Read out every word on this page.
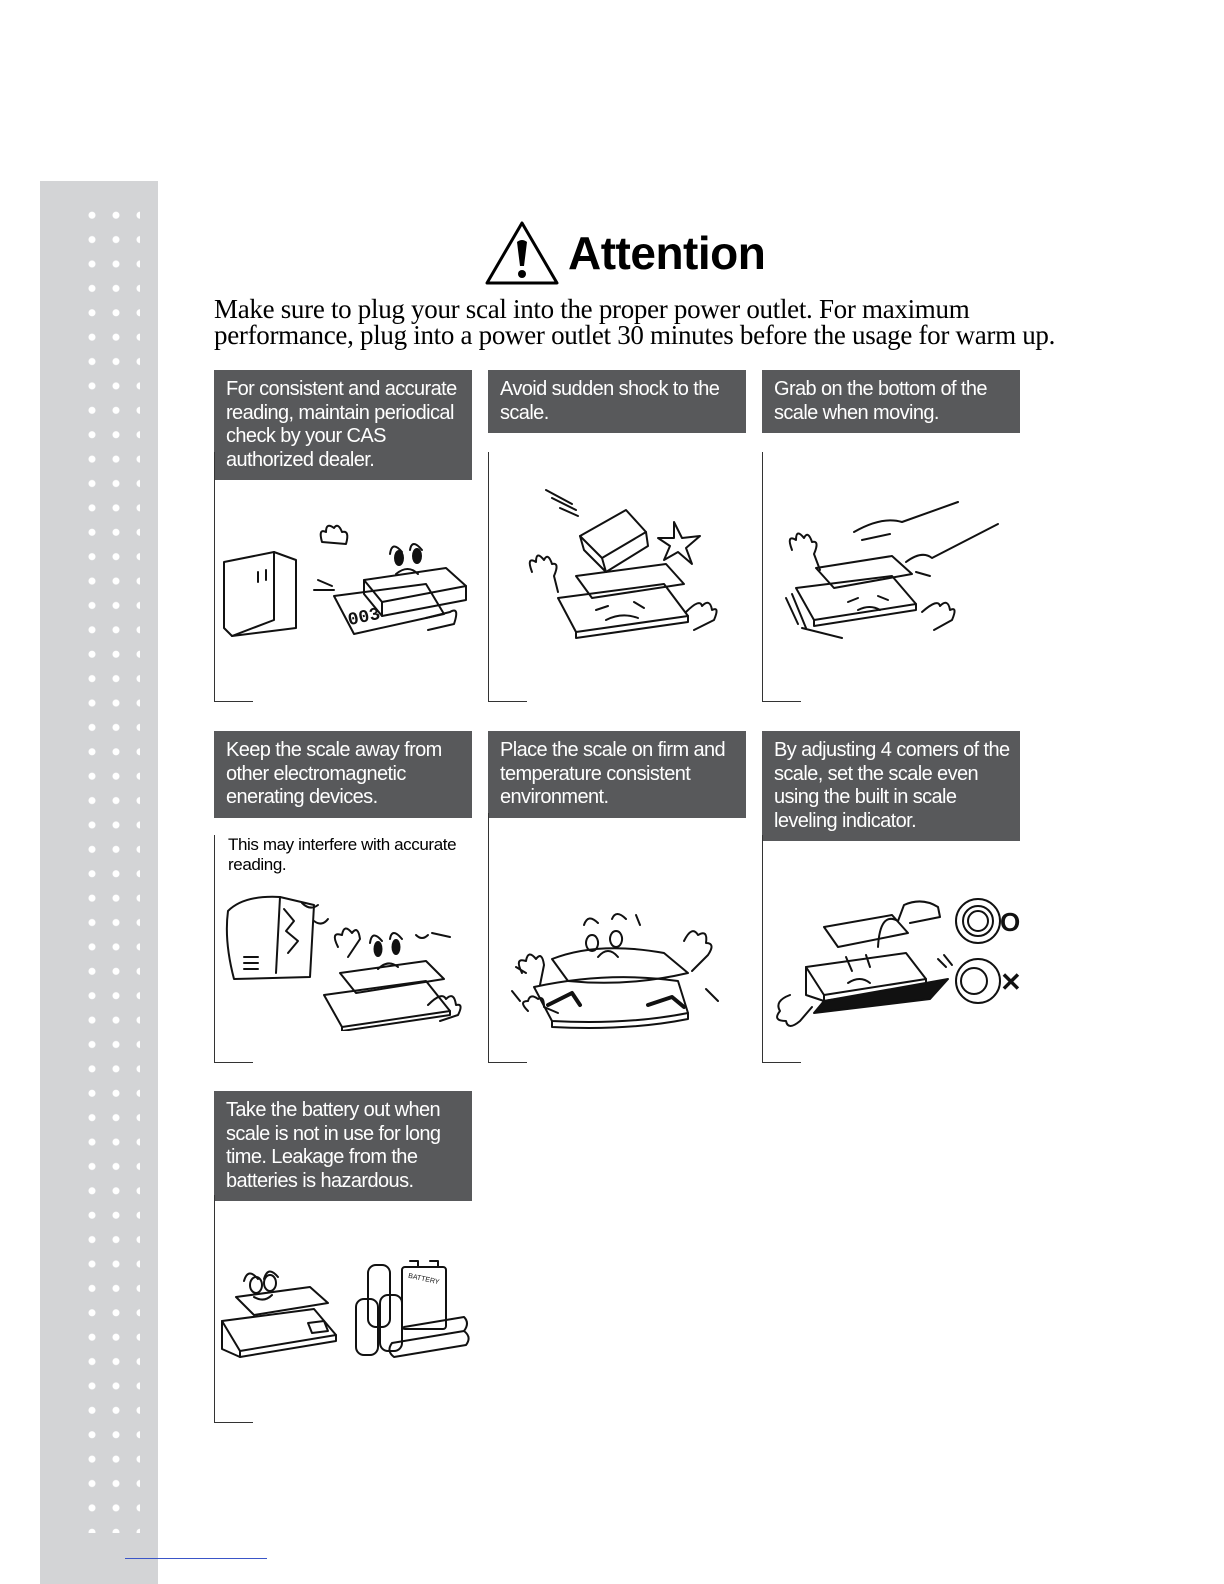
Attention
Make sure to plug your scal into the proper power outlet. For maximum performance, plug into a power outlet 30 minutes before the usage for warm up.
For consistent and accurate reading, maintain periodical check by your CAS authorized dealer.
003
Avoid sudden shock to the scale.
Grab on the bottom of the scale when moving.
Keep the scale away from other electromagnetic enerating devices.
This may interfere with accurate reading.
Place the scale on firm and temperature consistent environment.
By adjusting 4 comers of the scale, set the scale even using the built in scale leveling indicator.
O
✕
Take the battery out when scale is not in use for long time. Leakage from the batteries is hazardous.
BATTERY
